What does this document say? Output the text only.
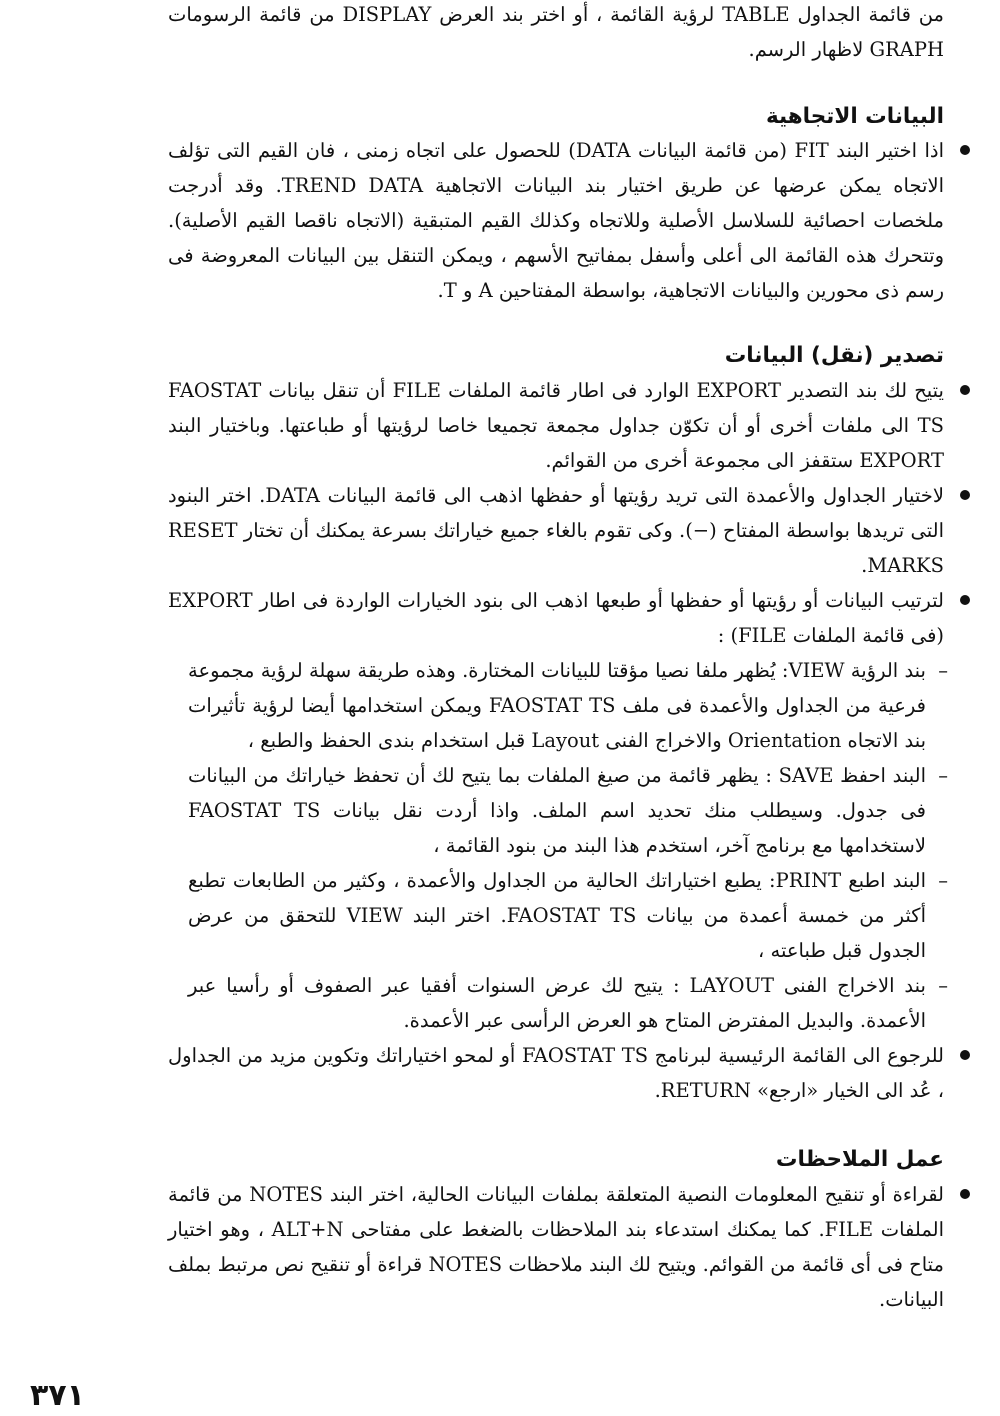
من قائمة الجداول TABLE لرؤية القائمة ، أو اختر بند العرض DISPLAY من قائمة الرسومات GRAPH لاظهار الرسم.

البيانات الاتجاهية

اذا اختير البند FIT (من قائمة البيانات DATA) للحصول على اتجاه زمنى ، فان القيم التى تؤلف الاتجاه يمكن عرضها عن طريق اختيار بند البيانات الاتجاهية TREND DATA. وقد أدرجت ملخصات احصائية للسلاسل الأصلية وللاتجاه وكذلك القيم المتبقية (الاتجاه ناقصا القيم الأصلية). وتتحرك هذه القائمة الى أعلى وأسفل بمفاتيح الأسهم ، ويمكن التنقل بين البيانات المعروضة فى رسم ذى محورين والبيانات الاتجاهية، بواسطة المفتاحين A و T.

تصدير (نقل) البيانات

يتيح لك بند التصدير EXPORT الوارد فى اطار قائمة الملفات FILE أن تنقل بيانات FAOSTAT TS الى ملفات أخرى أو أن تكوّن جداول مجمعة تجميعا خاصا لرؤيتها أو طباعتها. وباختيار البند EXPORT ستقفز الى مجموعة أخرى من القوائم.

لاختيار الجداول والأعمدة التى تريد رؤيتها أو حفظها اذهب الى قائمة البيانات DATA. اختر البنود التى تريدها بواسطة المفتاح (−). وكى تقوم بالغاء جميع خياراتك بسرعة يمكنك أن تختار RESET MARKS.

لترتيب البيانات أو رؤيتها أو حفظها أو طبعها اذهب الى بنود الخيارات الواردة فى اطار EXPORT (فى قائمة الملفات FILE) :

–
بند الرؤية VIEW: يُظهر ملفا نصيا مؤقتا للبيانات المختارة. وهذه طريقة سهلة لرؤية مجموعة فرعية من الجداول والأعمدة فى ملف FAOSTAT TS ويمكن استخدامها أيضا لرؤية تأثيرات بند الاتجاه Orientation والاخراج الفنى Layout قبل استخدام بندى الحفظ والطبع ،

–
البند احفظ SAVE : يظهر قائمة من صيغ الملفات بما يتيح لك أن تحفظ خياراتك من البيانات فى جدول. وسيطلب منك تحديد اسم الملف. واذا أردت نقل بيانات FAOSTAT TS لاستخدامها مع برنامج آخر، استخدم هذا البند من بنود القائمة ،

–
البند اطبع PRINT: يطبع اختياراتك الحالية من الجداول والأعمدة ، وكثير من الطابعات تطبع أكثر من خمسة أعمدة من بيانات FAOSTAT TS. اختر البند VIEW للتحقق من عرض الجدول قبل طباعته ،

–
بند الاخراج الفنى LAYOUT : يتيح لك عرض السنوات أفقيا عبر الصفوف أو رأسيا عبر الأعمدة. والبديل المفترض المتاح هو العرض الرأسى عبر الأعمدة.

للرجوع الى القائمة الرئيسية لبرنامج FAOSTAT TS أو لمحو اختياراتك وتكوين مزيد من الجداول ، عُد الى الخيار «ارجع» RETURN.

عمل الملاحظات

لقراءة أو تنقيح المعلومات النصية المتعلقة بملفات البيانات الحالية، اختر البند NOTES من قائمة الملفات FILE. كما يمكنك استدعاء بند الملاحظات بالضغط على مفتاحى ALT+N ، وهو اختيار متاح فى أى قائمة من القوائم. ويتيح لك البند ملاحظات NOTES قراءة أو تنقيح نص مرتبط بملف البيانات.

٣٧١
